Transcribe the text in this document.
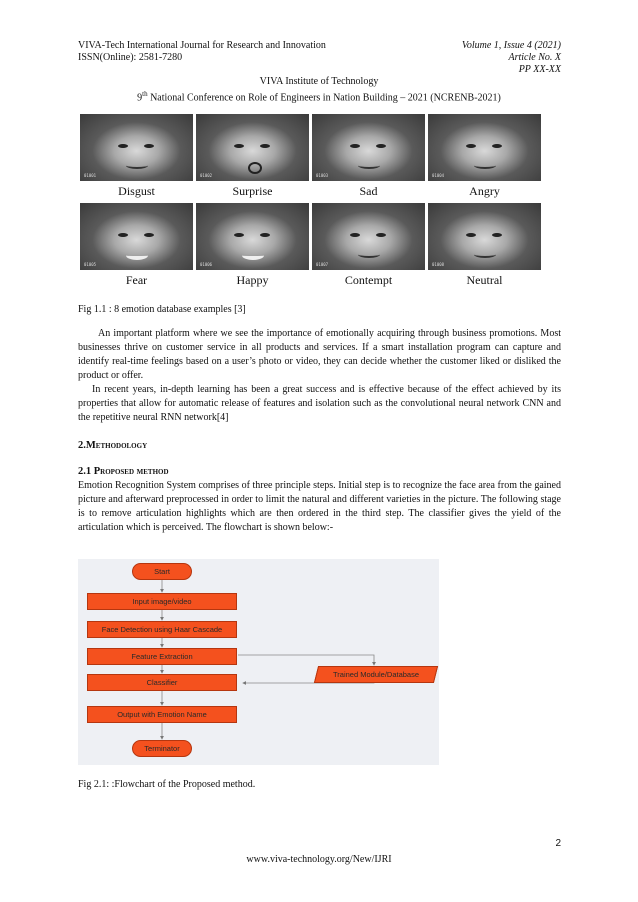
VIVA-Tech International Journal for Research and Innovation
ISSN(Online): 2581-7280
Volume 1, Issue 4 (2021)
Article No. X
PP XX-XX
VIVA Institute of Technology
9th National Conference on Role of Engineers in Nation Building – 2021 (NCRENB-2021)
01001	01002	01003	01004
Disgust	Surprise	Sad	Angry
01005	01006	01007	01008
Fear	Happy	Contempt	Neutral
Fig 1.1 : 8 emotion database examples [3]
An important platform where we see the importance of emotionally acquiring through business promotions. Most businesses thrive on customer service in all products and services. If a smart installation program can capture and identify real-time feelings based on a user’s photo or video, they can decide whether the customer liked or disliked the product or offer.
In recent years, in-depth learning has been a great success and is effective because of the effect achieved by its properties that allow for automatic release of features and isolation such as the convolutional neural network CNN and the repetitive neural RNN network[4]
2.Methodology
2.1 Proposed method
Emotion Recognition System comprises of three principle steps. Initial step is to recognize the face area from the gained picture and afterward preprocessed in order to limit the natural and different varieties in the picture. The following stage is to remove articulation highlights which are then ordered in the third step. The classifier gives the yield of the articulation which is perceived. The flowchart is shown below:-
Start
Input image/video
Face Detection using Haar Cascade
Feature Extraction
Trained Module/Database
Classifier
Output with Emotion Name
Terminator
Fig 2.1: :Flowchart of the Proposed method.
2
www.viva-technology.org/New/IJRI
